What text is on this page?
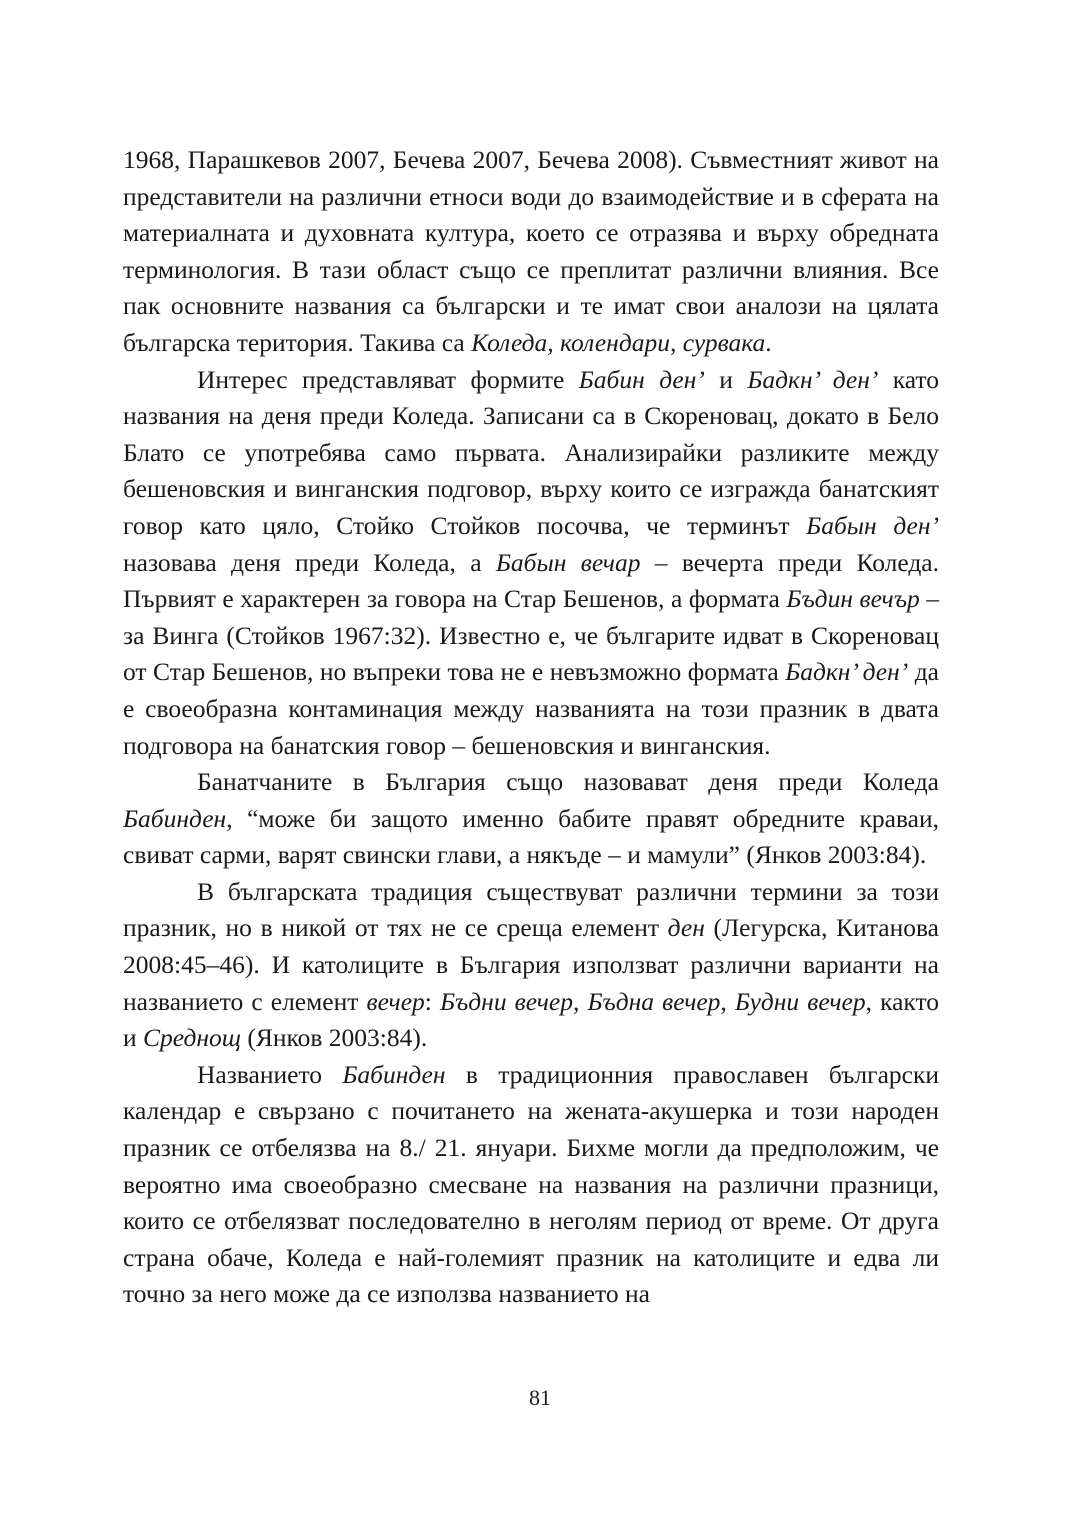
1968, Парашкевов 2007, Бечева 2007, Бечева 2008). Съвместният живот на представители на различни етноси води до взаимодействие и в сферата на материалната и духовната култура, което се отразява и върху обредната терминология. В тази област също се преплитат различни влияния. Все пак основните названия са български и те имат свои аналози на цялата българска територия. Такива са Коледа, колендари, сурвака.

Интерес представляват формите Бабин ден’ и Бадкн’ ден’ като названия на деня преди Коледа. Записани са в Скореновац, докато в Бело Блато се употребява само първата. Анализирайки разликите между бешеновския и винганския подговор, върху които се изгражда банатският говор като цяло, Стойко Стойков посочва, че терминът Бабын ден’ назовава деня преди Коледа, а Бабын вечар – вечерта преди Коледа. Първият е характерен за говора на Стар Бешенов, а формата Бъдин вечър – за Винга (Стойков 1967:32). Известно е, че българите идват в Скореновац от Стар Бешенов, но въпреки това не е невъзможно формата Бадкн’ ден’ да е своеобразна контаминация между названията на този празник в двата подговора на банатския говор – бешеновския и винганския.

Банатчаните в България също назовават деня преди Коледа Бабинден, “може би защото именно бабите правят обредните краваи, свиват сарми, варят свински глави, а някъде – и мамули” (Янков 2003:84).

В българската традиция съществуват различни термини за този празник, но в никой от тях не се среща елемент ден (Легурска, Китанова 2008:45–46). И католиците в България използват различни варианти на названието с елемент вечер: Бъдни вечер, Бъдна вечер, Будни вечер, както и Среднощ (Янков 2003:84).

Названието Бабинден в традиционния православен български календар е свързано с почитането на жената-акушерка и този народен празник се отбелязва на 8./ 21. януари. Бихме могли да предположим, че вероятно има своеобразно смесване на названия на различни празници, които се отбелязват последователно в неголям период от време. От друга страна обаче, Коледа е най-големият празник на католиците и едва ли точно за него може да се използва названието на

81
